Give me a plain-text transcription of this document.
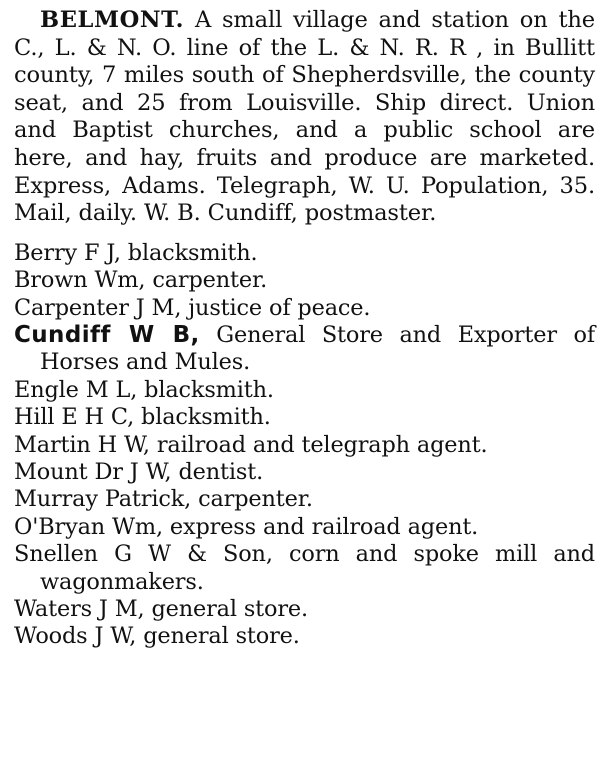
BELMONT. A small village and station on the C., L. & N. O. line of the L. & N. R. R , in Bullitt county, 7 miles south of Shepherdsville, the county seat, and 25 from Louisville. Ship direct. Union and Baptist churches, and a public school are here, and hay, fruits and produce are marketed. Express, Adams. Telegraph, W. U. Population, 35. Mail, daily. W. B. Cundiff, postmaster.

Berry F J, blacksmith.

Brown Wm, carpenter.

Carpenter J M, justice of peace.

Cundiff W B, General Store and Exporter of Horses and Mules.

Engle M L, blacksmith.

Hill E H C, blacksmith.

Martin H W, railroad and telegraph agent.

Mount Dr J W, dentist.

Murray Patrick, carpenter.

O'Bryan Wm, express and railroad agent.

Snellen G W & Son, corn and spoke mill and wagonmakers.

Waters J M, general store.

Woods J W, general store.
